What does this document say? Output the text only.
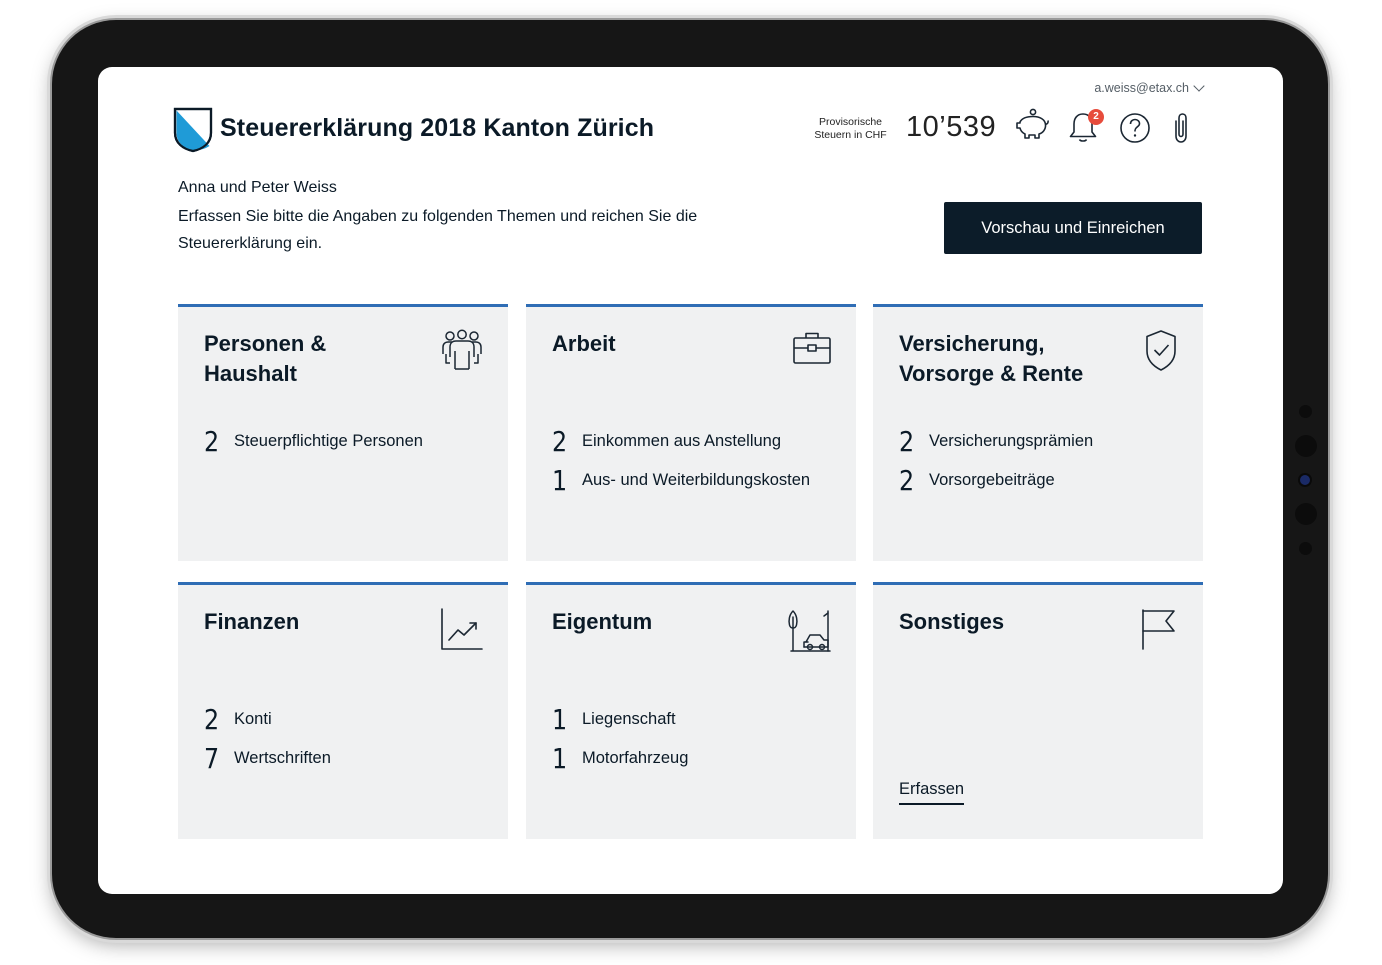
a.weiss@etax.ch
Steuererklärung 2018 Kanton Zürich	Provisorische
Steuern in CHF 10’539	2
Anna und Peter Weiss
Erfassen Sie bitte die Angaben zu folgenden Themen und reichen Sie die Steuererklärung ein.
Vorschau und Einreichen
Personen &
Haushalt
2 Steuerpflichtige Personen
Arbeit
2 Einkommen aus Anstellung
1 Aus- und Weiterbildungskosten
Versicherung,
Vorsorge & Rente
2 Versicherungsprämien
2 Vorsorgebeiträge
Finanzen
2 Konti
7 Wertschriften
Eigentum
1 Liegenschaft
1 Motorfahrzeug
Sonstiges
Erfassen
